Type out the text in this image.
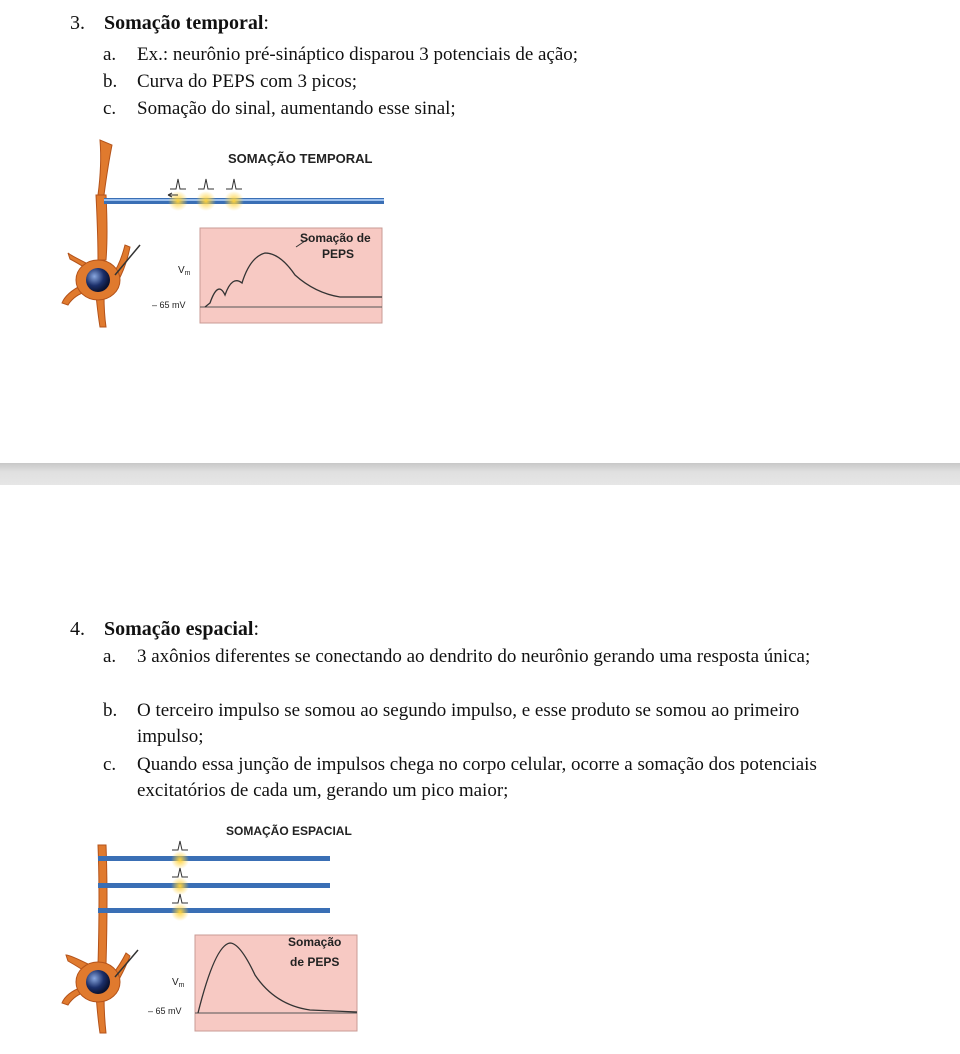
3. Somação temporal:
a.	Ex.: neurônio pré-sináptico disparou 3 potenciais de ação;
b.	Curva do PEPS com 3 picos;
c.	Somação do sinal, aumentando esse sinal;
SOMAÇÃO TEMPORAL
Somação de
PEPS
$V_m$
– 65 mV
4. Somação espacial:
a.	3 axônios diferentes se conectando ao dendrito do neurônio gerando uma resposta única;
b.	O terceiro impulso se somou ao segundo impulso, e esse produto se somou ao primeiro impulso;
c.	Quando essa junção de impulsos chega no corpo celular, ocorre a somação dos potenciais excitatórios de cada um, gerando um pico maior;
SOMAÇÃO ESPACIAL
Somação
de PEPS
$V_m$
– 65 mV
